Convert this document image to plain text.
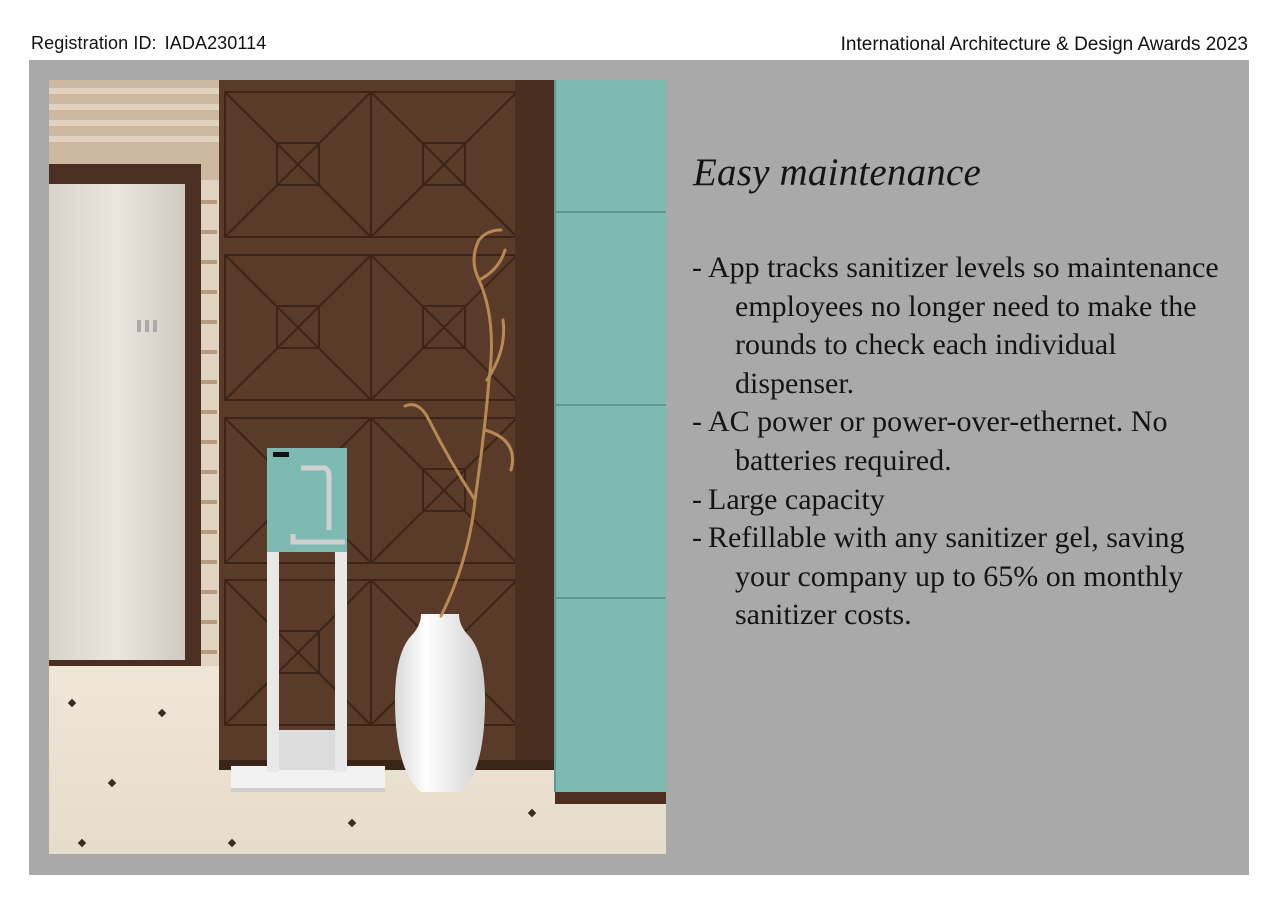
Registration ID: IADA230114	International Architecture & Design Awards 2023
Easy maintenance
- App tracks sanitizer levels so maintenance employees no longer need to make the rounds to check each individual dispenser.
- AC power or power-over-ethernet. No batteries required.
- Large capacity
- Refillable with any sanitizer gel, saving your company up to 65% on monthly sanitizer costs.
